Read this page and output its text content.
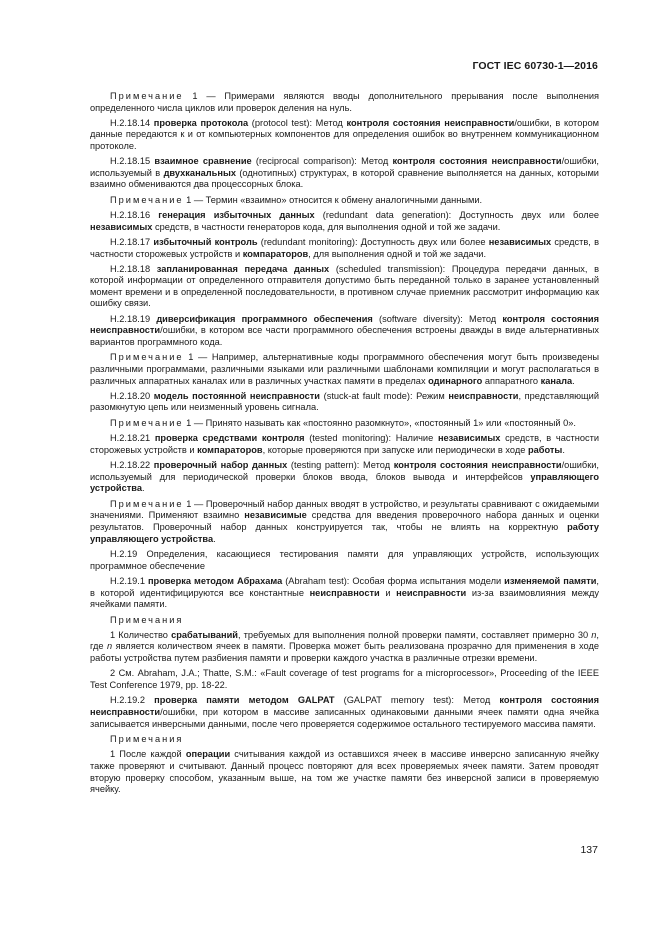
ГОСТ IEC 60730-1—2016

Примечание 1 — Примерами являются вводы дополнительного прерывания после выполнения определенного числа циклов или проверок деления на нуль.

Н.2.18.14 проверка протокола (protocol test): Метод контроля состояния неисправности/ошибки, в котором данные передаются к и от компьютерных компонентов для определения ошибок во внутреннем коммуникационном протоколе.

Н.2.18.15 взаимное сравнение (reciprocal comparison): Метод контроля состояния неисправности/ошибки, используемый в двухканальных (однотипных) структурах, в которой сравнение выполняется на данных, которыми взаимно обмениваются два процессорных блока.

Примечание 1 — Термин «взаимно» относится к обмену аналогичными данными.

Н.2.18.16 генерация избыточных данных (redundant data generation): Доступность двух или более независимых средств, в частности генераторов кода, для выполнения одной и той же задачи.

Н.2.18.17 избыточный контроль (redundant monitoring): Доступность двух или более независимых средств, в частности сторожевых устройств и компараторов, для выполнения одной и той же задачи.

Н.2.18.18 запланированная передача данных (scheduled transmission): Процедура передачи данных, в которой информации от определенного отправителя допустимо быть переданной только в заранее установленный момент времени и в определенной последовательности, в противном случае приемник рассмотрит информацию как ошибку связи.

Н.2.18.19 диверсификация программного обеспечения (software diversity): Метод контроля состояния неисправности/ошибки, в котором все части программного обеспечения встроены дважды в виде альтернативных вариантов программного кода.

Примечание 1 — Например, альтернативные коды программного обеспечения могут быть произведены различными программами, различными языками или различными шаблонами компиляции и могут располагаться в различных аппаратных каналах или в различных участках памяти в пределах одинарного аппаратного канала.

Н.2.18.20 модель постоянной неисправности (stuck-at fault mode): Режим неисправности, представляющий разомкнутую цепь или неизменный уровень сигнала.

Примечание 1 — Принято называть как «постоянно разомкнуто», «постоянный 1» или «постоянный 0».

Н.2.18.21 проверка средствами контроля (tested monitoring): Наличие независимых средств, в частности сторожевых устройств и компараторов, которые проверяются при запуске или периодически в ходе работы.

Н.2.18.22 проверочный набор данных (testing pattern): Метод контроля состояния неисправности/ошибки, используемый для периодической проверки блоков ввода, блоков вывода и интерфейсов управляющего устройства.

Примечание 1 — Проверочный набор данных вводят в устройство, и результаты сравнивают с ожидаемыми значениями. Применяют взаимно независимые средства для введения проверочного набора данных и оценки результатов. Проверочный набор данных конструируется так, чтобы не влиять на корректную работу управляющего устройства.

Н.2.19 Определения, касающиеся тестирования памяти для управляющих устройств, использующих программное обеспечение

Н.2.19.1 проверка методом Абрахама (Abraham test): Особая форма испытания модели изменяемой памяти, в которой идентифицируются все константные неисправности и неисправности из-за взаимовлияния между ячейками памяти.

Примечания

1 Количество срабатываний, требуемых для выполнения полной проверки памяти, составляет примерно 30 n, где n является количеством ячеек в памяти. Проверка может быть реализована прозрачно для применения в ходе работы устройства путем разбиения памяти и проверки каждого участка в различные отрезки времени.

2 См. Abraham, J.A.; Thatte, S.M.: «Fault coverage of test programs for a microprocessor», Proceeding of the IEEE Test Conference 1979, pp. 18-22.

Н.2.19.2 проверка памяти методом GALPAT (GALPAT memory test): Метод контроля состояния неисправности/ошибки, при котором в массиве записанных одинаковыми данными ячеек памяти одна ячейка записывается инверсными данными, после чего проверяется содержимое остального тестируемого массива памяти.

Примечания

1 После каждой операции считывания каждой из оставшихся ячеек в массиве инверсно записанную ячейку также проверяют и считывают. Данный процесс повторяют для всех проверяемых ячеек памяти. Затем проводят вторую проверку способом, указанным выше, на том же участке памяти без инверсной записи в проверяемую ячейку.

137
